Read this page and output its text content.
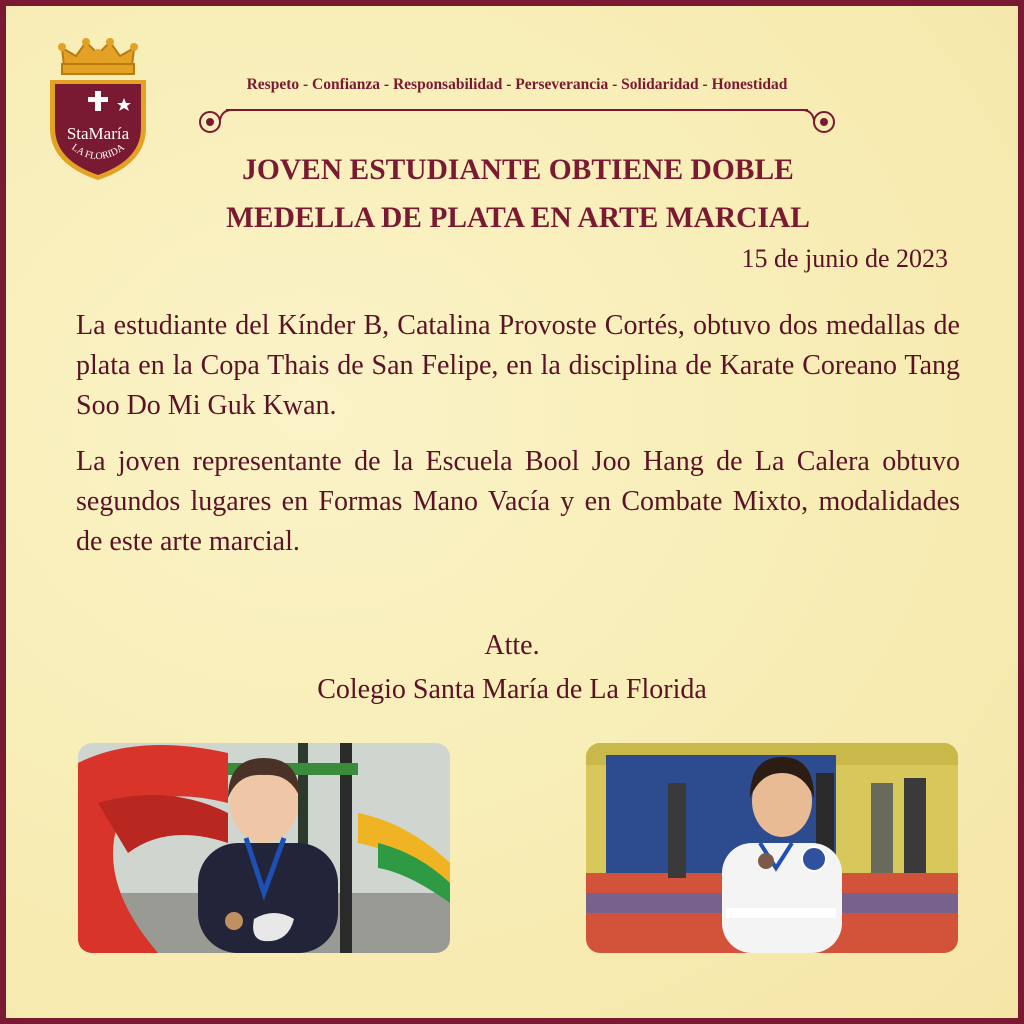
StaMaría
LA FLORIDA
Respeto - Confianza - Responsabilidad - Perseverancia - Solidaridad - Honestidad
JOVEN ESTUDIANTE OBTIENE DOBLE
MEDELLA DE PLATA EN ARTE MARCIAL
15 de junio de 2023

La estudiante del Kínder B, Catalina Provoste Cortés, obtuvo dos medallas de plata en la Copa Thais de San Felipe, en la disciplina de Karate Coreano Tang Soo Do Mi Guk Kwan.

La joven representante de la Escuela Bool Joo Hang de La Calera obtuvo segundos lugares en Formas Mano Vacía y en Combate Mixto, modalidades de este arte marcial.

Atte.
Colegio Santa María de La Florida
